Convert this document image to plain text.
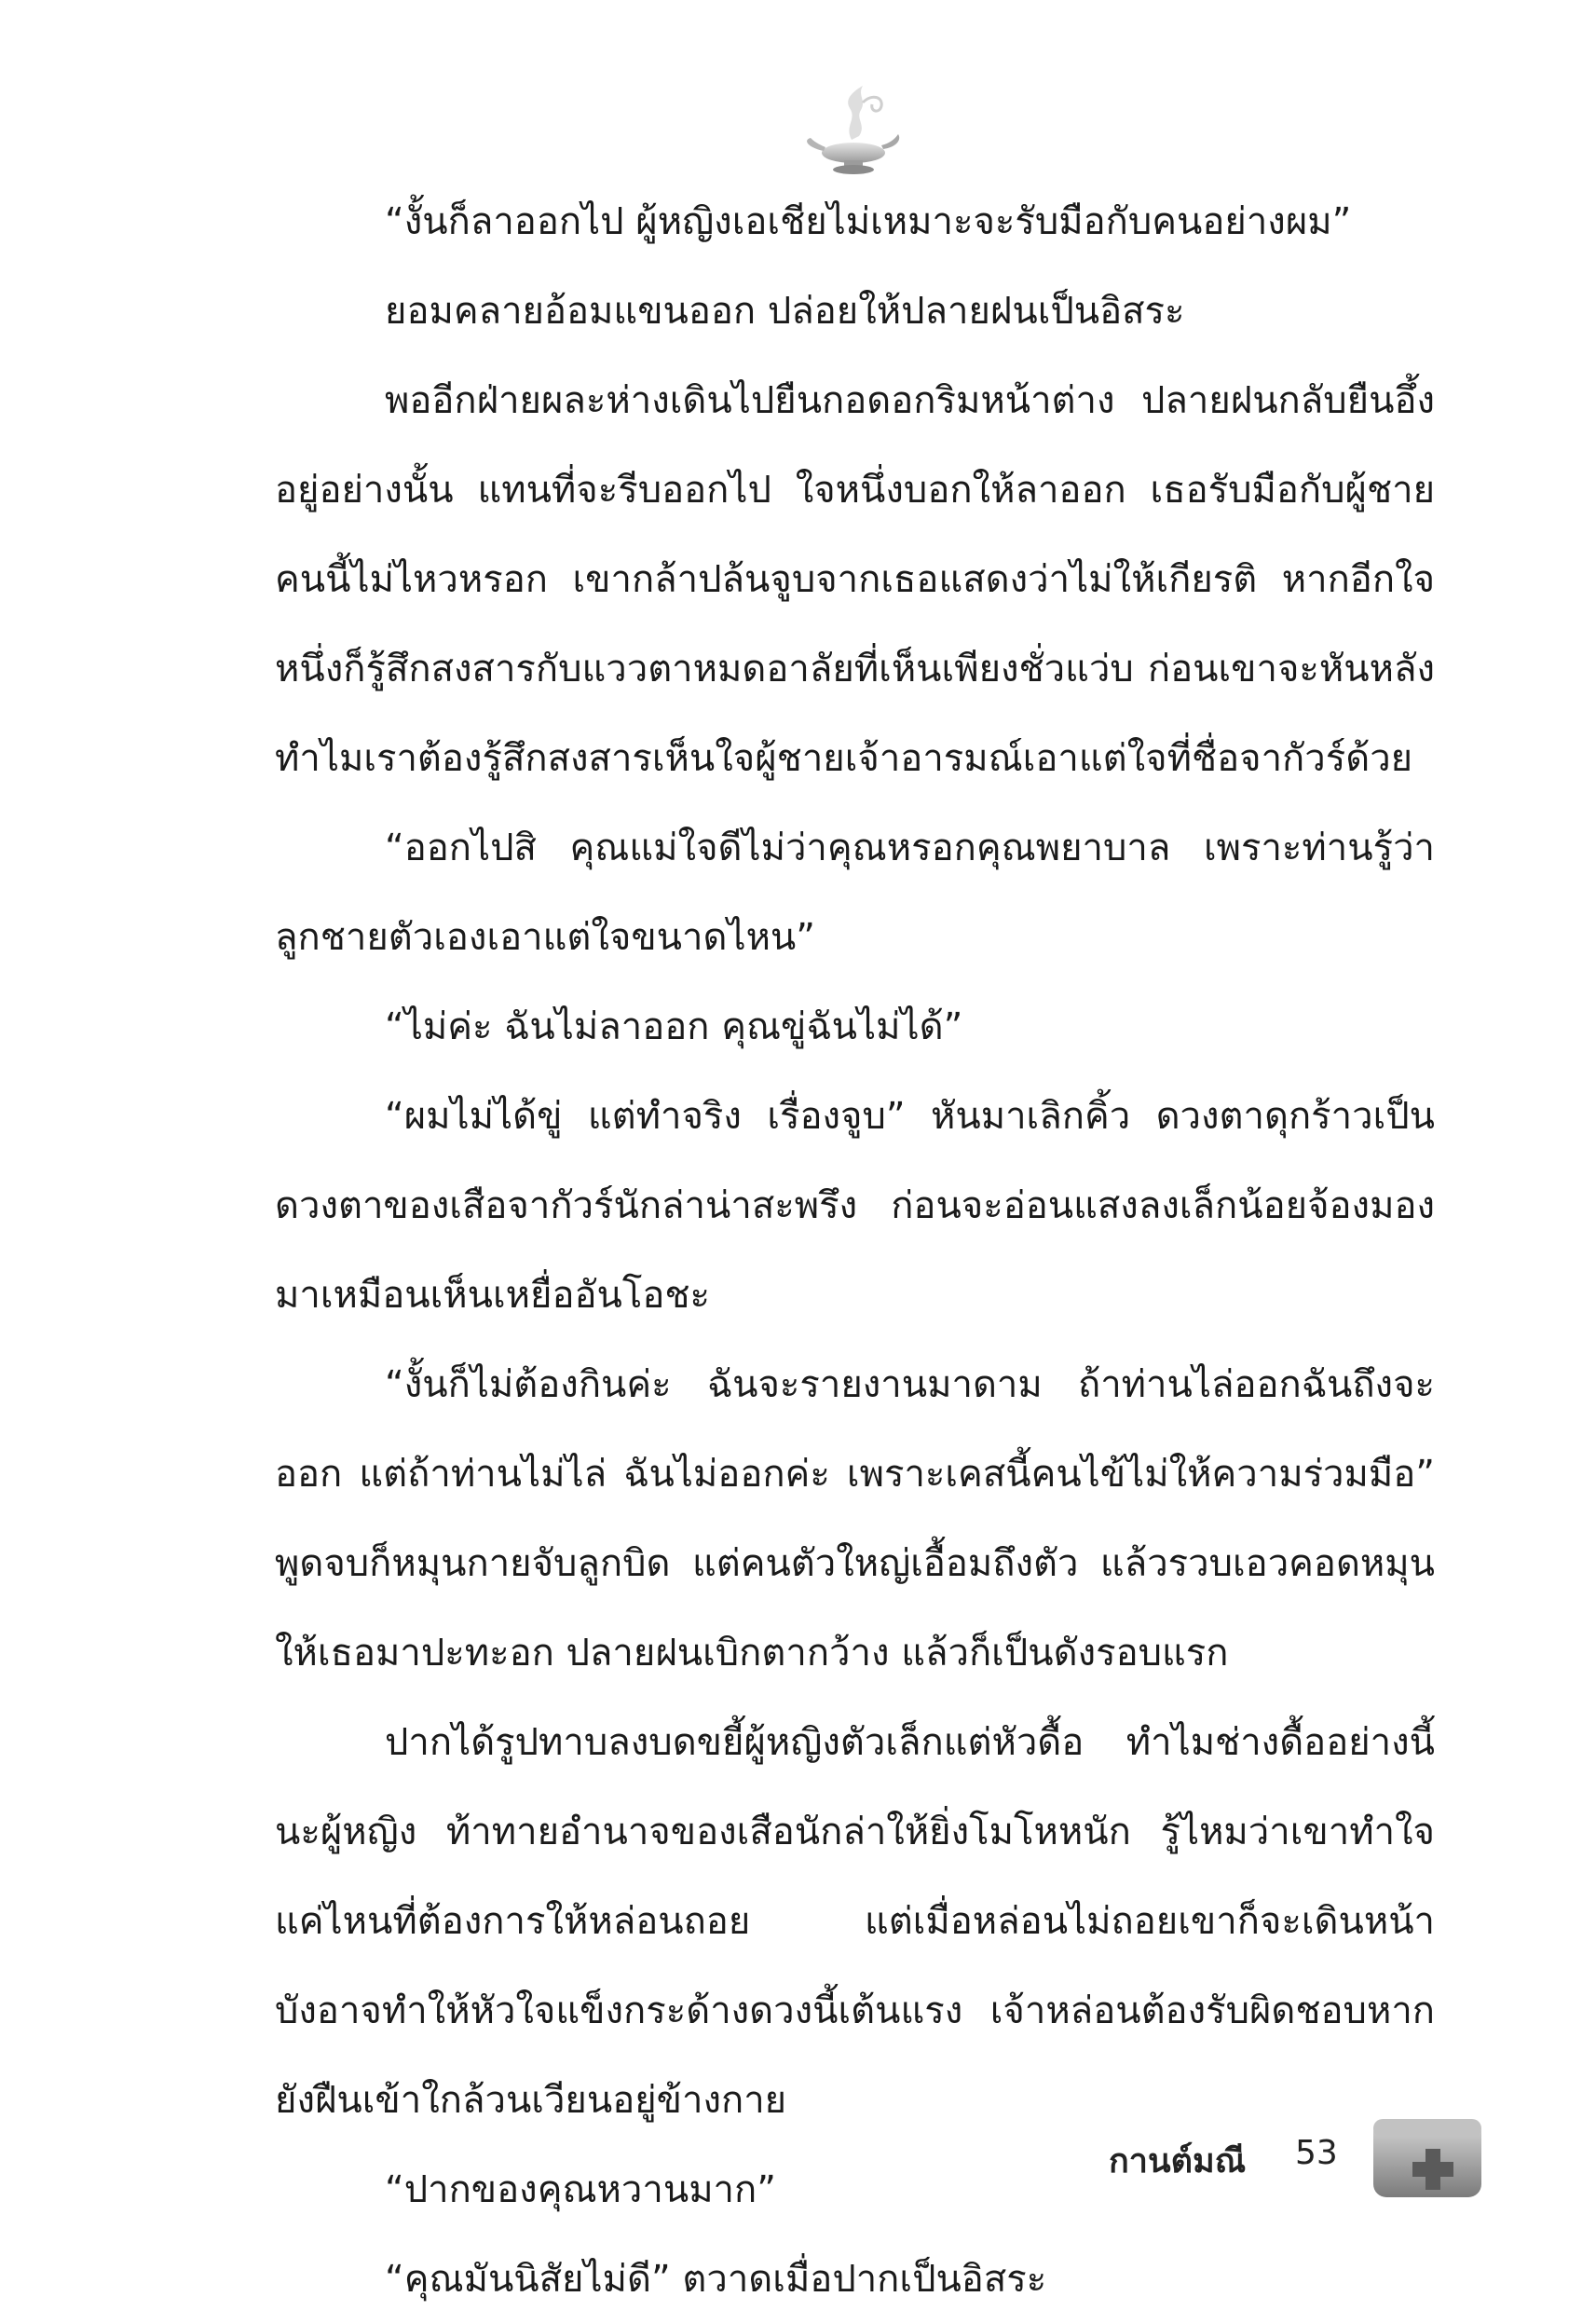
“งั้นก็ลาออกไป ผู้หญิงเอเชียไม่เหมาะจะรับมือกับคนอย่างผม”

ยอมคลายอ้อมแขนออก ปล่อยให้ปลายฝนเป็นอิสระ

พออีกฝ่ายผละห่างเดินไปยืนกอดอกริมหน้าต่าง ปลายฝนกลับยืนอึ้งอยู่อย่างนั้น แทนที่จะรีบออกไป ใจหนึ่งบอกให้ลาออก เธอรับมือกับผู้ชายคนนี้ไม่ไหวหรอก เขากล้าปล้นจูบจากเธอแสดงว่าไม่ให้เกียรติ หากอีกใจหนึ่งก็รู้สึกสงสารกับแววตาหมดอาลัยที่เห็นเพียงชั่วแว่บ ก่อนเขาจะหันหลัง ทำไมเราต้องรู้สึกสงสารเห็นใจผู้ชายเจ้าอารมณ์เอาแต่ใจที่ชื่อจากัวร์ด้วย

“ออกไปสิ คุณแม่ใจดีไม่ว่าคุณหรอกคุณพยาบาล เพราะท่านรู้ว่าลูกชายตัวเองเอาแต่ใจขนาดไหน”

“ไม่ค่ะ ฉันไม่ลาออก คุณขู่ฉันไม่ได้”

“ผมไม่ได้ขู่ แต่ทำจริง เรื่องจูบ” หันมาเลิกคิ้ว ดวงตาดุกร้าวเป็นดวงตาของเสือจากัวร์นักล่าน่าสะพรึง ก่อนจะอ่อนแสงลงเล็กน้อยจ้องมองมาเหมือนเห็นเหยื่ออันโอชะ

“งั้นก็ไม่ต้องกินค่ะ ฉันจะรายงานมาดาม ถ้าท่านไล่ออกฉันถึงจะออก แต่ถ้าท่านไม่ไล่ ฉันไม่ออกค่ะ เพราะเคสนี้คนไข้ไม่ให้ความร่วมมือ” พูดจบก็หมุนกายจับลูกบิด แต่คนตัวใหญ่เอื้อมถึงตัว แล้วรวบเอวคอดหมุนให้เธอมาปะทะอก ปลายฝนเบิกตากว้าง แล้วก็เป็นดังรอบแรก

ปากได้รูปทาบลงบดขยี้ผู้หญิงตัวเล็กแต่หัวดื้อ ทำไมช่างดื้ออย่างนี้นะผู้หญิง ท้าทายอำนาจของเสือนักล่าให้ยิ่งโมโหหนัก รู้ไหมว่าเขาทำใจแค่ไหนที่ต้องการให้หล่อนถอย แต่เมื่อหล่อนไม่ถอยเขาก็จะเดินหน้าบังอาจทำให้หัวใจแข็งกระด้างดวงนี้เต้นแรง เจ้าหล่อนต้องรับผิดชอบหากยังฝืนเข้าใกล้วนเวียนอยู่ข้างกาย

“ปากของคุณหวานมาก”

“คุณมันนิสัยไม่ดี” ตวาดเมื่อปากเป็นอิสระ

กานต์มณี 53
